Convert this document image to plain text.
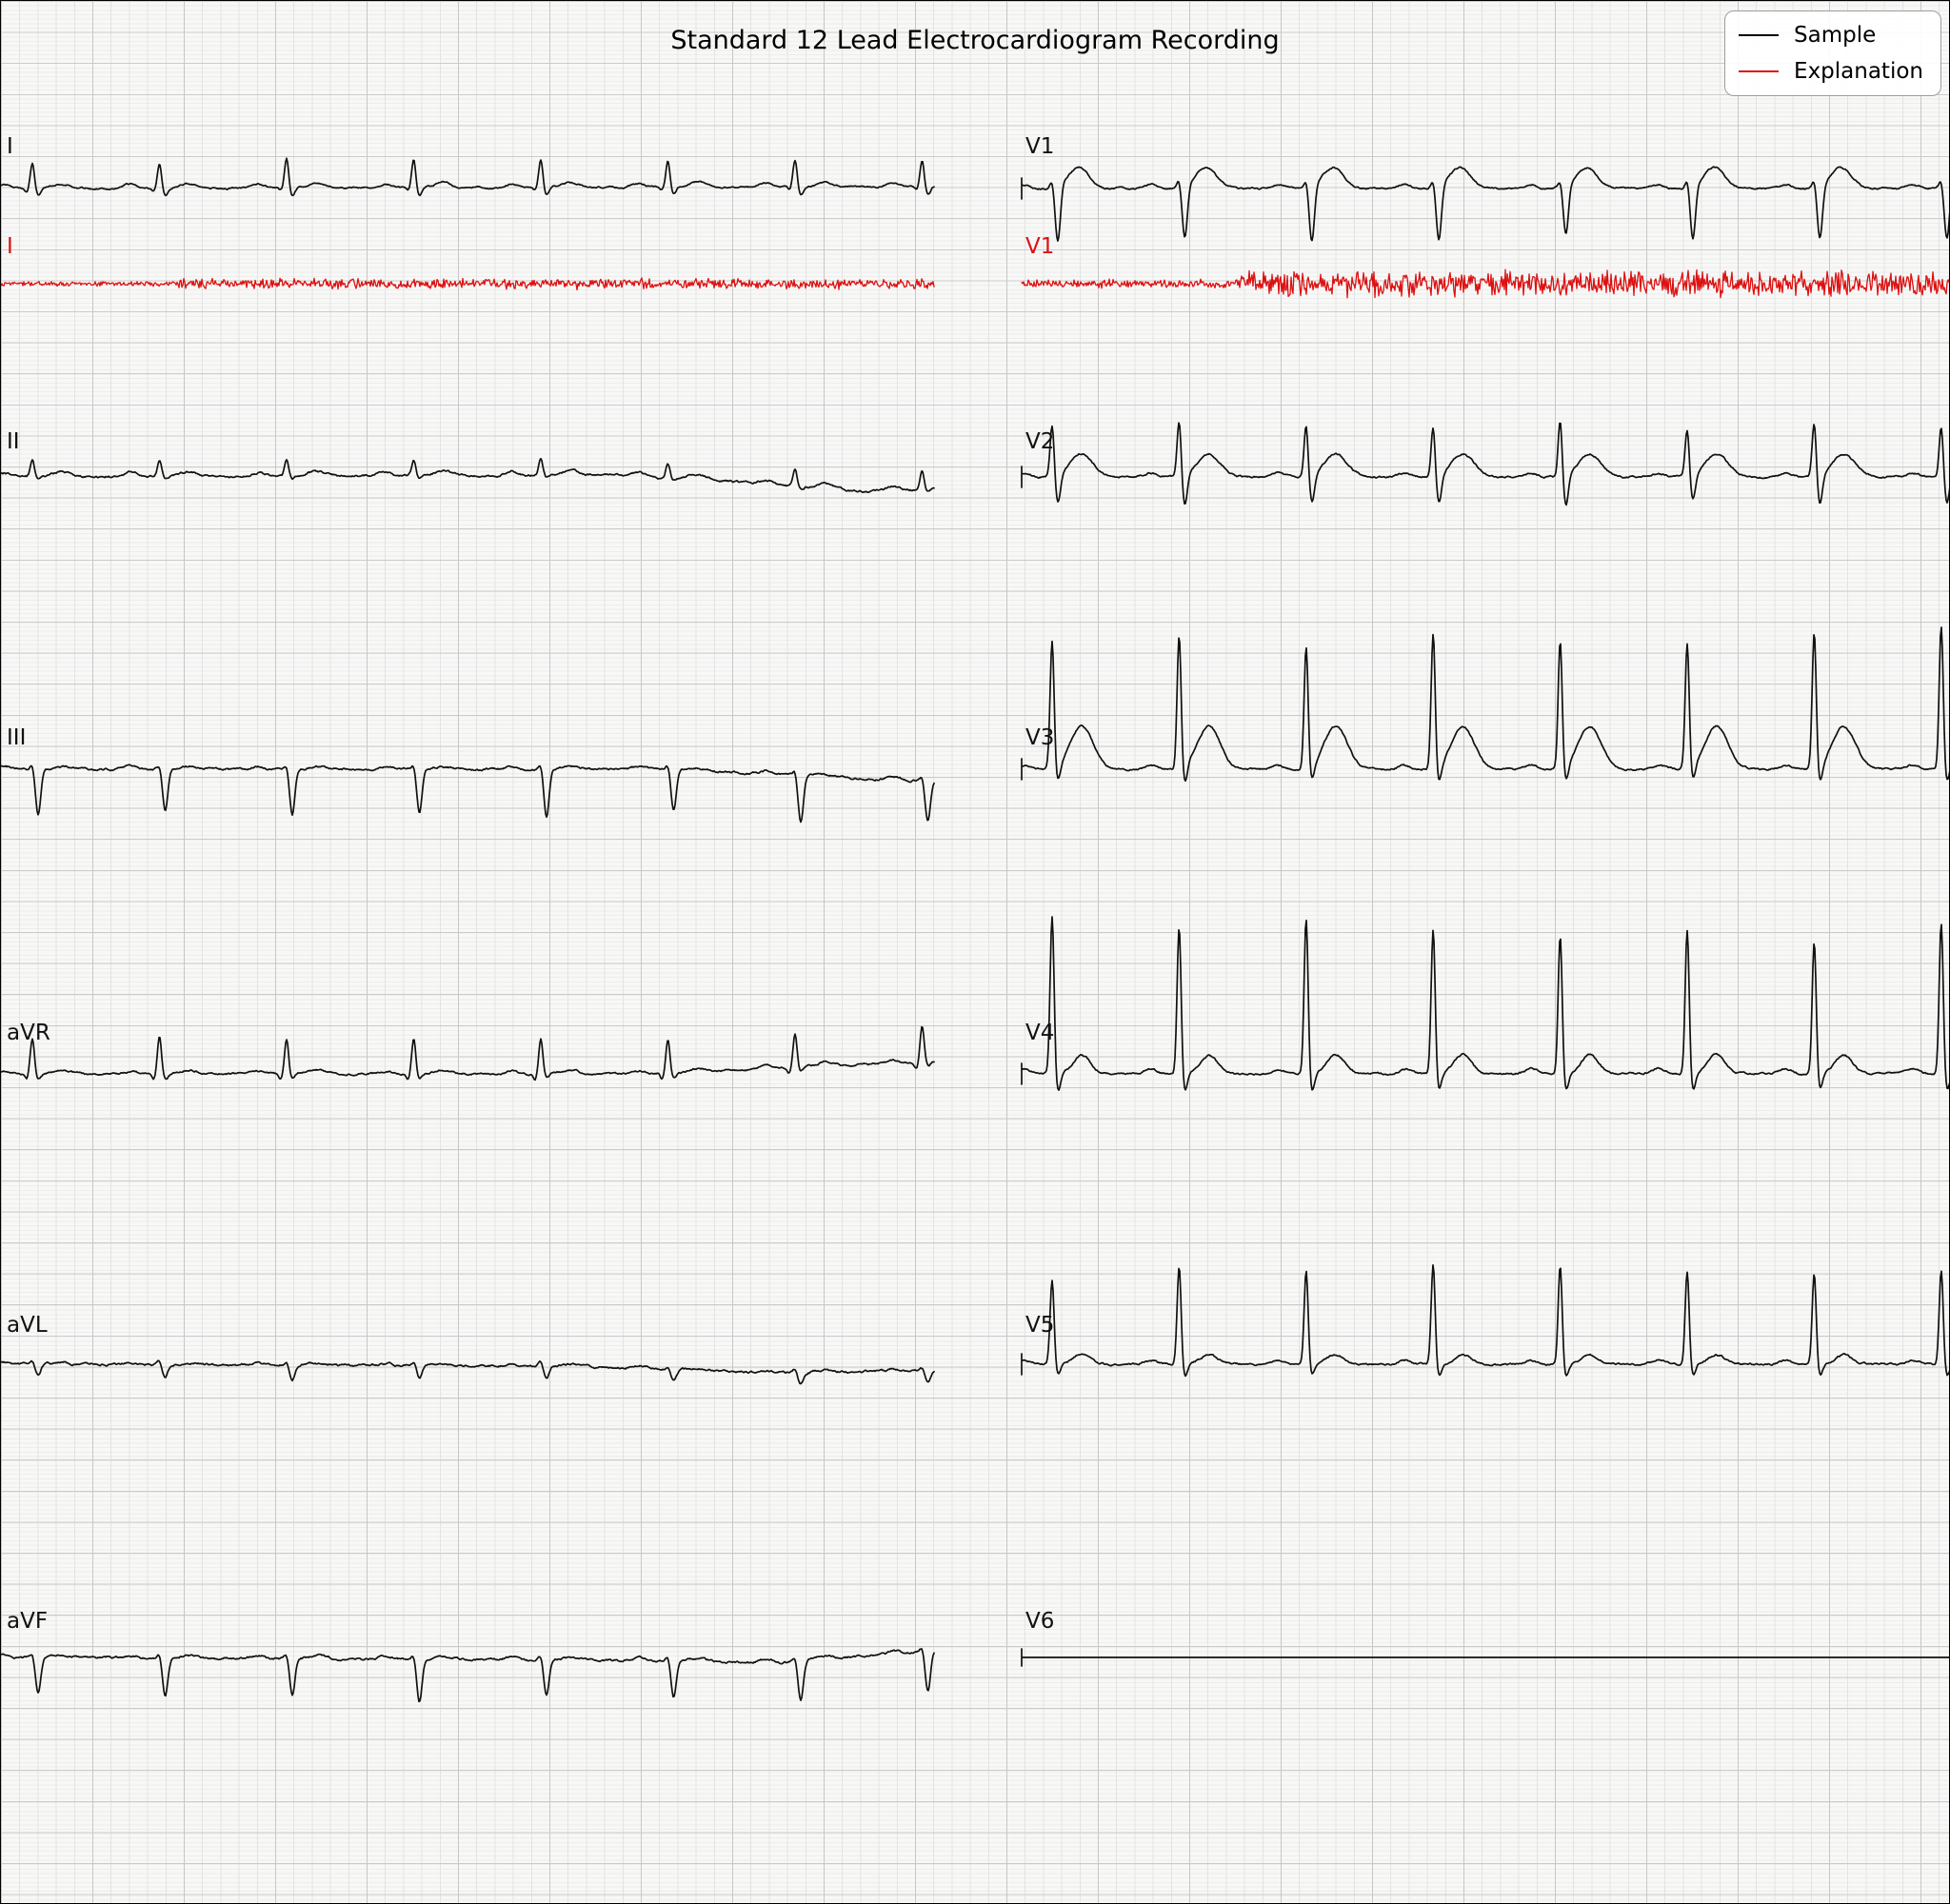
Standard 12 Lead Electrocardiogram Recording	Sample
Explanation
I
I
II
III
aVR
aVL
aVF
V1
V1
V2
V3
V4
V5
V6
